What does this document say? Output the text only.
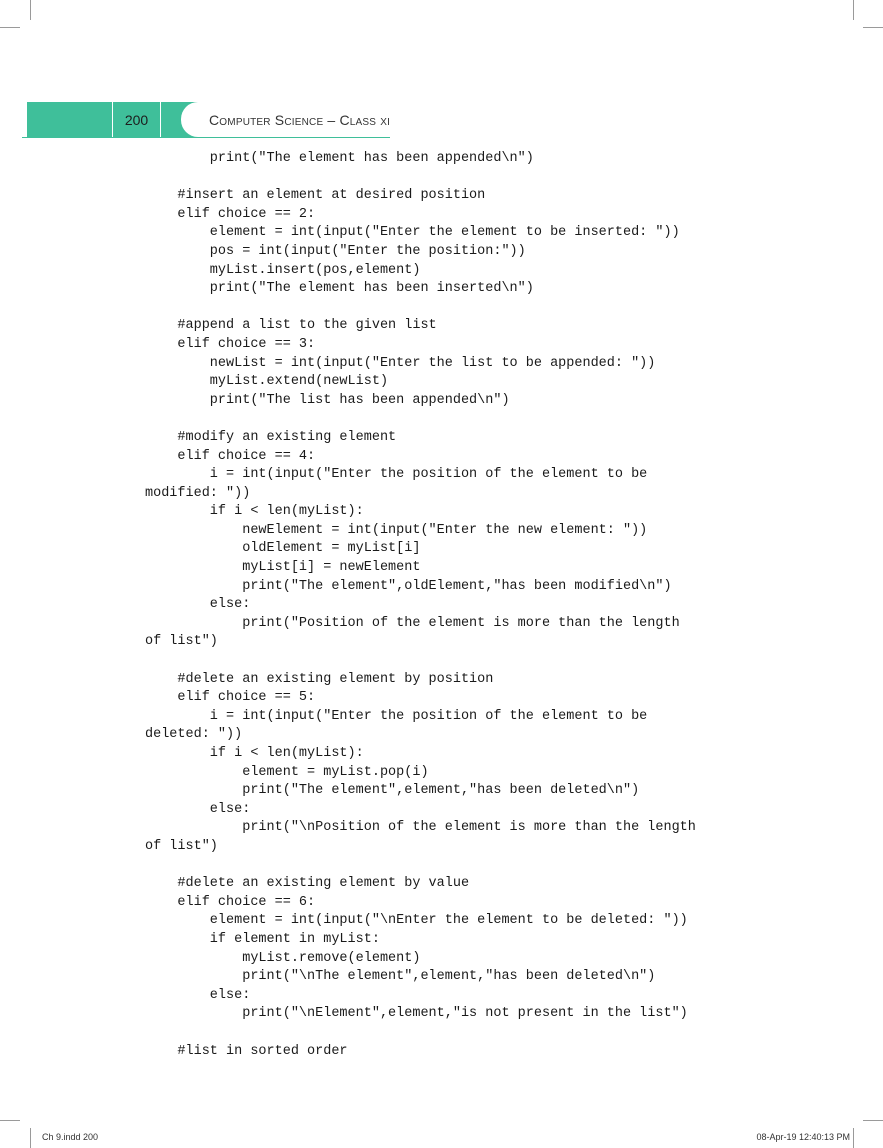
200	Computer Science – Class xi
print("The element has been appended\n")
#insert an element at desired position
elif choice == 2:
element = int(input("Enter the element to be inserted: "))
pos = int(input("Enter the position:"))
myList.insert(pos,element)
print("The element has been inserted\n")
#append a list to the given list
elif choice == 3:
newList = int(input("Enter the list to be appended: "))
myList.extend(newList)
print("The list has been appended\n")
#modify an existing element
elif choice == 4:
i = int(input("Enter the position of the element to be
modified: "))
if i < len(myList):
newElement = int(input("Enter the new element: "))
oldElement = myList[i]
myList[i] = newElement
print("The element",oldElement,"has been modified\n")
else:
print("Position of the element is more than the length
of list")
#delete an existing element by position
elif choice == 5:
i = int(input("Enter the position of the element to be
deleted: "))
if i < len(myList):
element = myList.pop(i)
print("The element",element,"has been deleted\n")
else:
print("\nPosition of the element is more than the length
of list")
#delete an existing element by value
elif choice == 6:
element = int(input("\nEnter the element to be deleted: "))
if element in myList:
myList.remove(element)
print("\nThe element",element,"has been deleted\n")
else:
print("\nElement",element,"is not present in the list")
#list in sorted order
Ch 9.indd 200	08-Apr-19 12:40:13 PM
